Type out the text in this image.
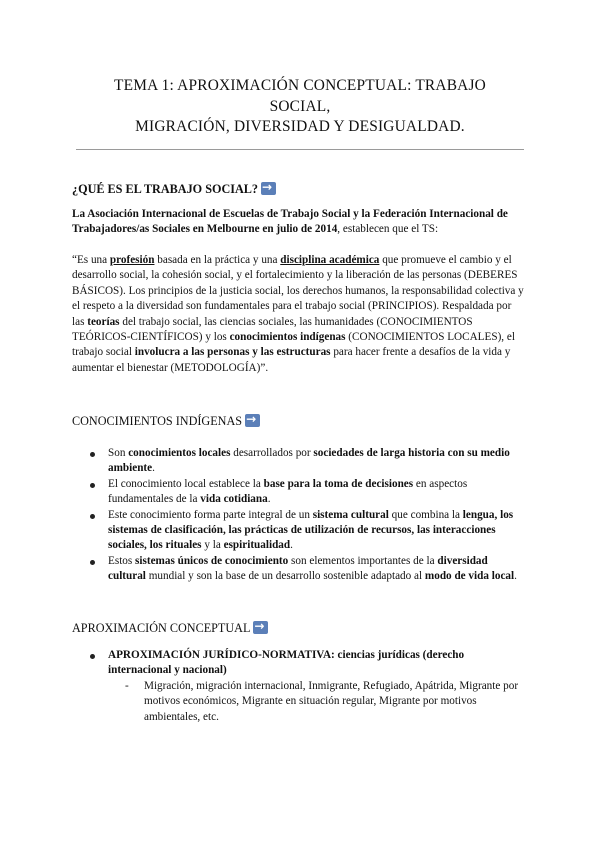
TEMA 1: APROXIMACIÓN CONCEPTUAL: TRABAJO
SOCIAL,
MIGRACIÓN, DIVERSIDAD Y DESIGUALDAD.
¿QUÉ ES EL TRABAJO SOCIAL?→
La Asociación Internacional de Escuelas de Trabajo Social y la Federación Internacional de Trabajadores/as Sociales en Melbourne en julio de 2014, establecen que el TS:
“Es una profesión basada en la práctica y una disciplina académica que promueve el cambio y el desarrollo social, la cohesión social, y el fortalecimiento y la liberación de las personas (DEBERES BÁSICOS). Los principios de la justicia social, los derechos humanos, la responsabilidad colectiva y el respeto a la diversidad son fundamentales para el trabajo social (PRINCIPIOS). Respaldada por las teorías del trabajo social, las ciencias sociales, las humanidades (CONOCIMIENTOS TEÓRICOS-CIENTÍFICOS) y los conocimientos indígenas (CONOCIMIENTOS LOCALES), el trabajo social involucra a las personas y las estructuras para hacer frente a desafíos de la vida y aumentar el bienestar (METODOLOGÍA)”.
CONOCIMIENTOS INDÍGENAS→
Son conocimientos locales desarrollados por sociedades de larga historia con su medio ambiente.
El conocimiento local establece la base para la toma de decisiones en aspectos fundamentales de la vida cotidiana.
Este conocimiento forma parte integral de un sistema cultural que combina la lengua, los sistemas de clasificación, las prácticas de utilización de recursos, las interacciones sociales, los rituales y la espiritualidad.
Estos sistemas únicos de conocimiento son elementos importantes de la diversidad cultural mundial y son la base de un desarrollo sostenible adaptado al modo de vida local.
APROXIMACIÓN CONCEPTUAL→
APROXIMACIÓN JURÍDICO-NORMATIVA: ciencias jurídicas (derecho internacional y nacional)
- Migración, migración internacional, Inmigrante, Refugiado, Apátrida, Migrante por motivos económicos, Migrante en situación regular, Migrante por motivos ambientales, etc.
